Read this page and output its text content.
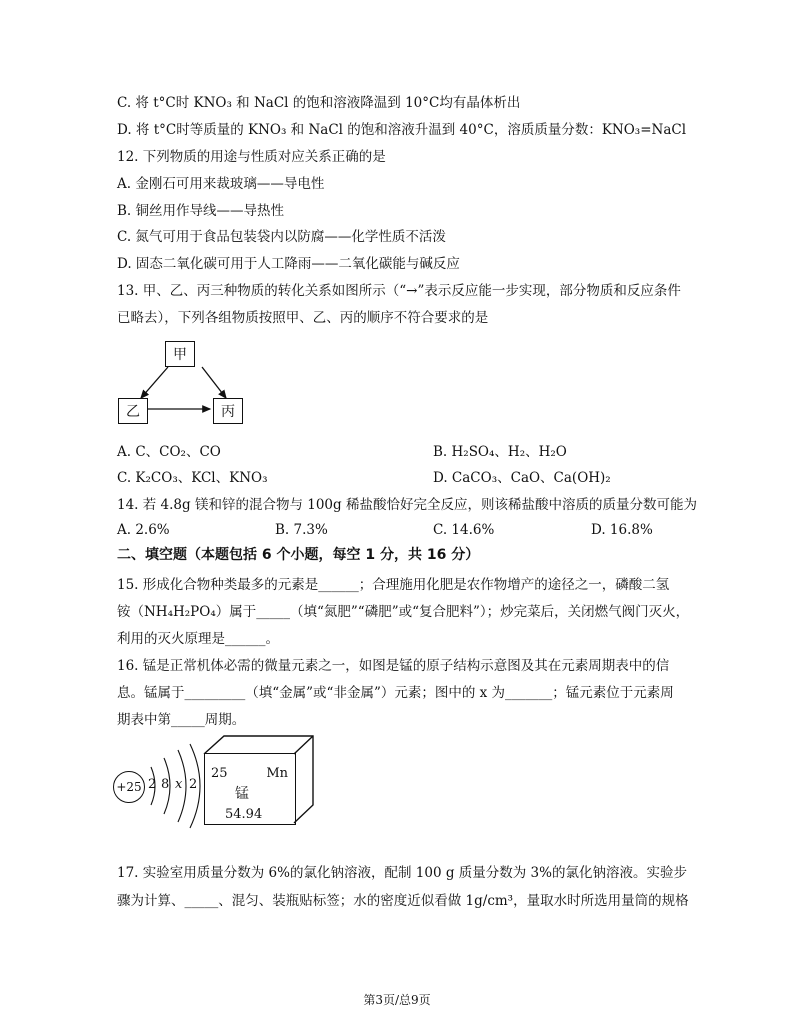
C. 将 t°C时 KNO₃ 和 NaCl 的饱和溶液降温到 10°C均有晶体析出
D. 将 t°C时等质量的 KNO₃ 和 NaCl 的饱和溶液升温到 40°C，溶质质量分数：KNO₃=NaCl
12. 下列物质的用途与性质对应关系正确的是
A. 金刚石可用来裁玻璃——导电性
B. 铜丝用作导线——导热性
C. 氮气可用于食品包装袋内以防腐——化学性质不活泼
D. 固态二氧化碳可用于人工降雨——二氧化碳能与碱反应
13. 甲、乙、丙三种物质的转化关系如图所示（“→”表示反应能一步实现，部分物质和反应条件
已略去），下列各组物质按照甲、乙、丙的顺序不符合要求的是
甲
乙	丙
A. C、CO₂、CO	B. H₂SO₄、H₂、H₂O
C. K₂CO₃、KCl、KNO₃	D. CaCO₃、CaO、Ca(OH)₂
14. 若 4.8g 镁和锌的混合物与 100g 稀盐酸恰好完全反应，则该稀盐酸中溶质的质量分数可能为
A. 2.6%	B. 7.3%	C. 14.6%	D. 16.8%
二、填空题（本题包括 6 个小题，每空 1 分，共 16 分）
15. 形成化合物种类最多的元素是______；合理施用化肥是农作物增产的途径之一，磷酸二氢
铵（NH₄H₂PO₄）属于_____（填“氮肥”“磷肥”或“复合肥料”）；炒完菜后，关闭燃气阀门灭火，
利用的灭火原理是______。
16. 锰是正常机体必需的微量元素之一，如图是锰的原子结构示意图及其在元素周期表中的信
息。锰属于_________（填“金属”或“非金属”）元素；图中的 x 为_______；锰元素位于元素周
期表中第_____周期。
+25 2 8 x 2
25	Mn
锰
54.94
17. 实验室用质量分数为 6%的氯化钠溶液，配制 100 g 质量分数为 3%的氯化钠溶液。实验步
骤为计算、_____、混匀、装瓶贴标签；水的密度近似看做 1g/cm³，量取水时所选用量筒的规格
第3页/总9页
